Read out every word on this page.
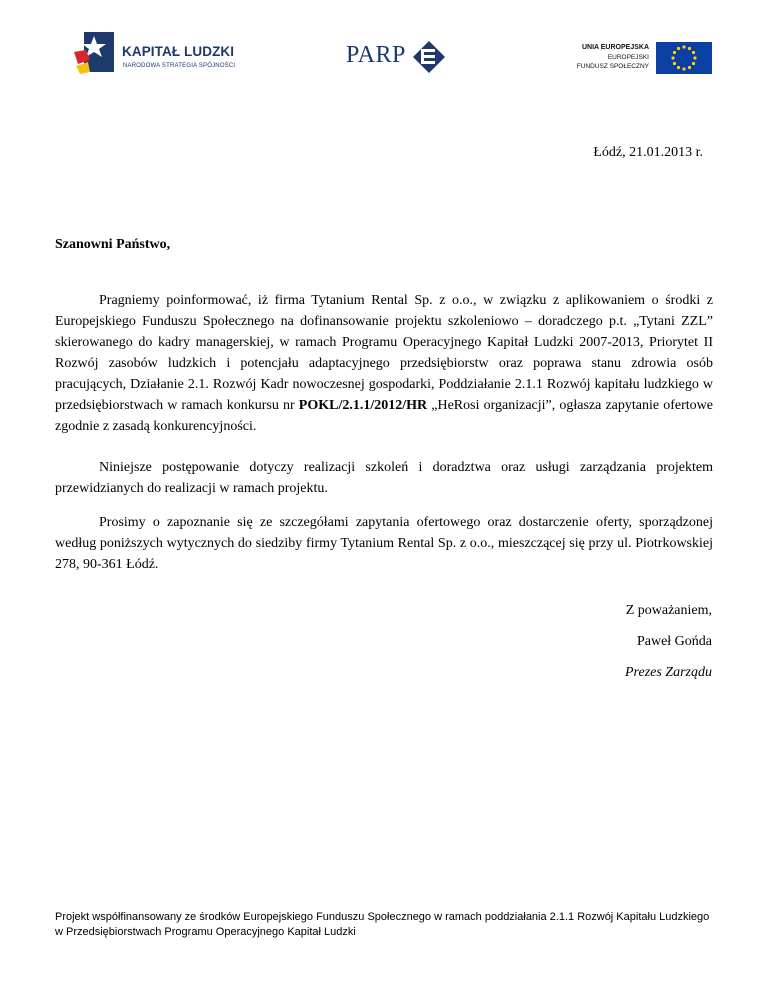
KAPITAŁ LUDZKI
NARODOWA STRATEGIA SPÓJNOŚCI	PARP	UNIA EUROPEJSKA
EUROPEJSKI
FUNDUSZ SPOŁECZNY
Łódź, 21.01.2013 r.
Szanowni Państwo,

Pragniemy poinformować, iż firma Tytanium Rental Sp. z o.o., w związku z aplikowaniem o środki z Europejskiego Funduszu Społecznego na dofinansowanie projektu szkoleniowo – doradczego p.t. „Tytani ZZL” skierowanego do kadry managerskiej, w ramach Programu Operacyjnego Kapitał Ludzki 2007-2013, Priorytet II Rozwój zasobów ludzkich i potencjału adaptacyjnego przedsiębiorstw oraz poprawa stanu zdrowia osób pracujących, Działanie 2.1. Rozwój Kadr nowoczesnej gospodarki, Poddziałanie 2.1.1 Rozwój kapitału ludzkiego w przedsiębiorstwach w ramach konkursu nr POKL/2.1.1/2012/HR „HeRosi organizacji”, ogłasza zapytanie ofertowe zgodnie z zasadą konkurencyjności.

Niniejsze postępowanie dotyczy realizacji szkoleń i doradztwa oraz usługi zarządzania projektem przewidzianych do realizacji w ramach projektu.

Prosimy o zapoznanie się ze szczegółami zapytania ofertowego oraz dostarczenie oferty, sporządzonej według poniższych wytycznych do siedziby firmy Tytanium Rental Sp. z o.o., mieszczącej się przy ul. Piotrkowskiej 278, 90-361 Łódź.

Z poważaniem,
Paweł Gońda
Prezes Zarządu
Projekt współfinansowany ze środków Europejskiego Funduszu Społecznego w ramach poddziałania 2.1.1 Rozwój Kapitału Ludzkiego w Przedsiębiorstwach Programu Operacyjnego Kapitał Ludzki
